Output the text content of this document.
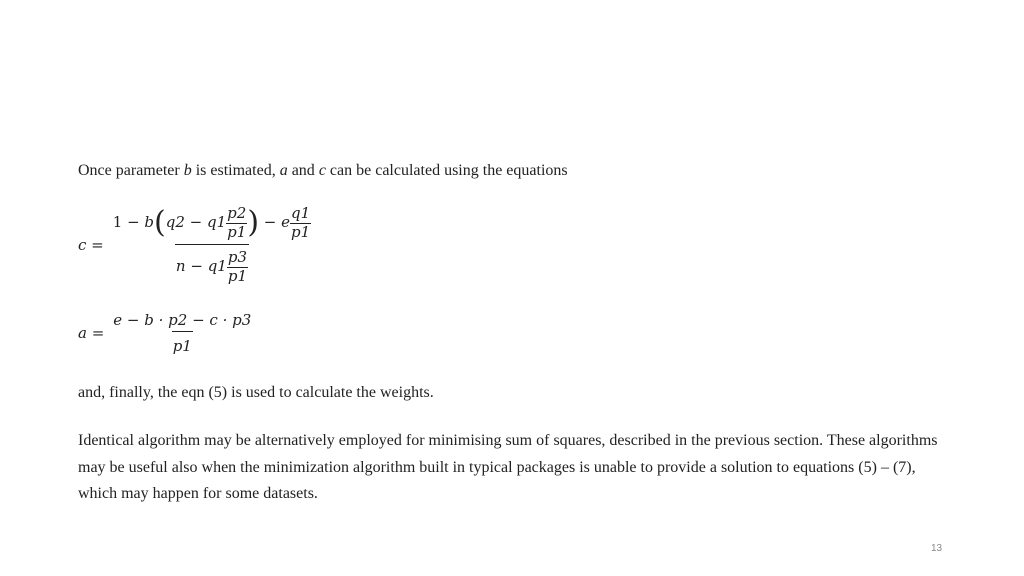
Once parameter b is estimated, a and c can be calculated using the equations

$c = \frac{1 - b(q2 - q1 \frac{p2}{p1} ) - e \frac{q1}{p1}}{n - q1 \frac{p3}{p1}}$
$a = \frac{e - b \cdot p2 - c \cdot p3}{p1}$

and, finally, the eqn (5) is used to calculate the weights.

Identical algorithm may be alternatively employed for minimising sum of squares, described in the previous section. These algorithms may be useful also when the minimization algorithm built in typical packages is unable to provide a solution to equations (5) – (7), which may happen for some datasets.

13
